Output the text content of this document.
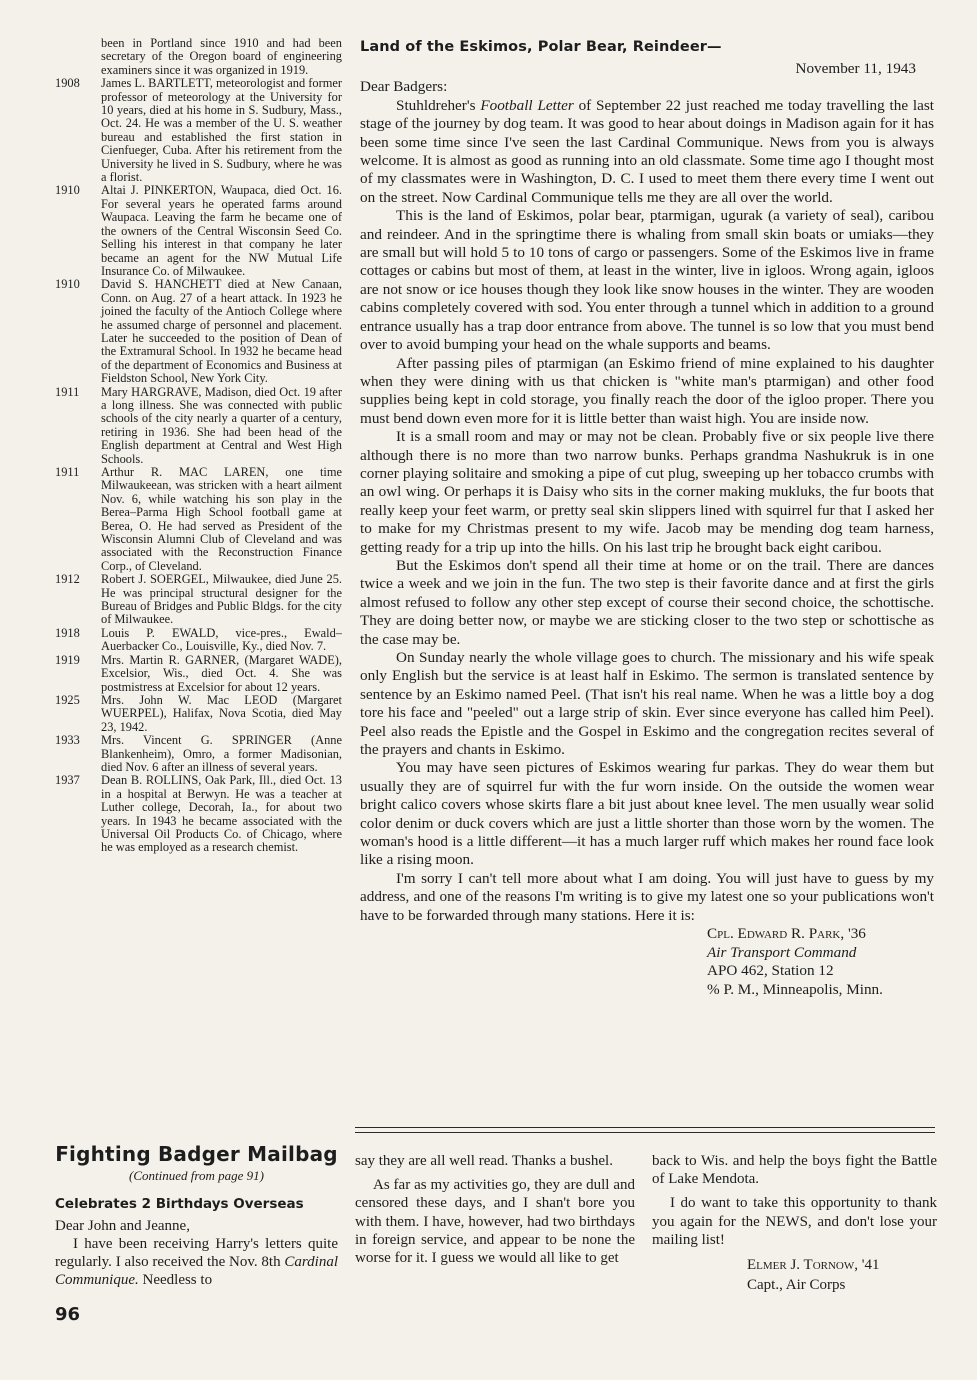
been in Portland since 1910 and had been secretary of the Oregon board of engineering examiners since it was organized in 1919.
1908	James L. BARTLETT, meteorologist and former professor of meteorology at the University for 10 years, died at his home in S. Sudbury, Mass., Oct. 24. He was a member of the U. S. weather bureau and established the first station in Cienfueger, Cuba. After his retirement from the University he lived in S. Sudbury, where he was a florist.
1910	Altai J. PINKERTON, Waupaca, died Oct. 16. For several years he operated farms around Waupaca. Leaving the farm he became one of the owners of the Central Wisconsin Seed Co. Selling his interest in that company he later became an agent for the NW Mutual Life Insurance Co. of Milwaukee.
1910	David S. HANCHETT died at New Canaan, Conn. on Aug. 27 of a heart attack. In 1923 he joined the faculty of the Antioch College where he assumed charge of personnel and placement. Later he succeeded to the position of Dean of the Extramural School. In 1932 he became head of the department of Economics and Business at Fieldston School, New York City.
1911	Mary HARGRAVE, Madison, died Oct. 19 after a long illness. She was connected with public schools of the city nearly a quarter of a century, retiring in 1936. She had been head of the English department at Central and West High Schools.
1911	Arthur R. MAC LAREN, one time Milwaukeean, was stricken with a heart ailment Nov. 6, while watching his son play in the Berea–Parma High School football game at Berea, O. He had served as President of the Wisconsin Alumni Club of Cleveland and was associated with the Reconstruction Finance Corp., of Cleveland.
1912	Robert J. SOERGEL, Milwaukee, died June 25. He was principal structural designer for the Bureau of Bridges and Public Bldgs. for the city of Milwaukee.
1918	Louis P. EWALD, vice-pres., Ewald–Auerbacker Co., Louisville, Ky., died Nov. 7.
1919	Mrs. Martin R. GARNER, (Margaret WADE), Excelsior, Wis., died Oct. 4. She was postmistress at Excelsior for about 12 years.
1925	Mrs. John W. Mac LEOD (Margaret WUERPEL), Halifax, Nova Scotia, died May 23, 1942.
1933	Mrs. Vincent G. SPRINGER (Anne Blankenheim), Omro, a former Madisonian, died Nov. 6 after an illness of several years.
1937	Dean B. ROLLINS, Oak Park, Ill., died Oct. 13 in a hospital at Berwyn. He was a teacher at Luther college, Decorah, Ia., for about two years. In 1943 he became associated with the Universal Oil Products Co. of Chicago, where he was employed as a research chemist.
Land of the Eskimos, Polar Bear, Reindeer—

November 11, 1943

Dear Badgers:

Stuhldreher's Football Letter of September 22 just reached me today travelling the last stage of the journey by dog team. It was good to hear about doings in Madison again for it has been some time since I've seen the last Cardinal Communique. News from you is always welcome. It is almost as good as running into an old classmate. Some time ago I thought most of my classmates were in Washington, D. C. I used to meet them there every time I went out on the street. Now Cardinal Communique tells me they are all over the world.

This is the land of Eskimos, polar bear, ptarmigan, ugurak (a variety of seal), caribou and reindeer. And in the springtime there is whaling from small skin boats or umiaks—they are small but will hold 5 to 10 tons of cargo or passengers. Some of the Eskimos live in frame cottages or cabins but most of them, at least in the winter, live in igloos. Wrong again, igloos are not snow or ice houses though they look like snow houses in the winter. They are wooden cabins completely covered with sod. You enter through a tunnel which in addition to a ground entrance usually has a trap door entrance from above. The tunnel is so low that you must bend over to avoid bumping your head on the whale supports and beams.

After passing piles of ptarmigan (an Eskimo friend of mine explained to his daughter when they were dining with us that chicken is "white man's ptarmigan) and other food supplies being kept in cold storage, you finally reach the door of the igloo proper. There you must bend down even more for it is little better than waist high. You are inside now.

It is a small room and may or may not be clean. Probably five or six people live there although there is no more than two narrow bunks. Perhaps grandma Nashukruk is in one corner playing solitaire and smoking a pipe of cut plug, sweeping up her tobacco crumbs with an owl wing. Or perhaps it is Daisy who sits in the corner making mukluks, the fur boots that really keep your feet warm, or pretty seal skin slippers lined with squirrel fur that I asked her to make for my Christmas present to my wife. Jacob may be mending dog team harness, getting ready for a trip up into the hills. On his last trip he brought back eight caribou.

But the Eskimos don't spend all their time at home or on the trail. There are dances twice a week and we join in the fun. The two step is their favorite dance and at first the girls almost refused to follow any other step except of course their second choice, the schottische. They are doing better now, or maybe we are sticking closer to the two step or schottische as the case may be.

On Sunday nearly the whole village goes to church. The missionary and his wife speak only English but the service is at least half in Eskimo. The sermon is translated sentence by sentence by an Eskimo named Peel. (That isn't his real name. When he was a little boy a dog tore his face and "peeled" out a large strip of skin. Ever since everyone has called him Peel). Peel also reads the Epistle and the Gospel in Eskimo and the congregation recites several of the prayers and chants in Eskimo.

You may have seen pictures of Eskimos wearing fur parkas. They do wear them but usually they are of squirrel fur with the fur worn inside. On the outside the women wear bright calico covers whose skirts flare a bit just about knee level. The men usually wear solid color denim or duck covers which are just a little shorter than those worn by the women. The woman's hood is a little different—it has a much larger ruff which makes her round face look like a rising moon.

I'm sorry I can't tell more about what I am doing. You will just have to guess by my address, and one of the reasons I'm writing is to give my latest one so your publications won't have to be forwarded through many stations. Here it is:

Cpl. Edward R. Park, '36

Air Transport Command

APO 462, Station 12

% P. M., Minneapolis, Minn.

Fighting Badger Mailbag
(Continued from page 91)
Celebrates 2 Birthdays Overseas

Dear John and Jeanne,

I have been receiving Harry's letters quite regularly. I also received the Nov. 8th Cardinal Communique. Needless to

say they are all well read. Thanks a bushel.

As far as my activities go, they are dull and censored these days, and I shan't bore you with them. I have, however, had two birthdays in foreign service, and appear to be none the worse for it. I guess we would all like to get

back to Wis. and help the boys fight the Battle of Lake Mendota.

I do want to take this opportunity to thank you again for the NEWS, and don't lose your mailing list!

Elmer J. Tornow, '41

Capt., Air Corps

96
